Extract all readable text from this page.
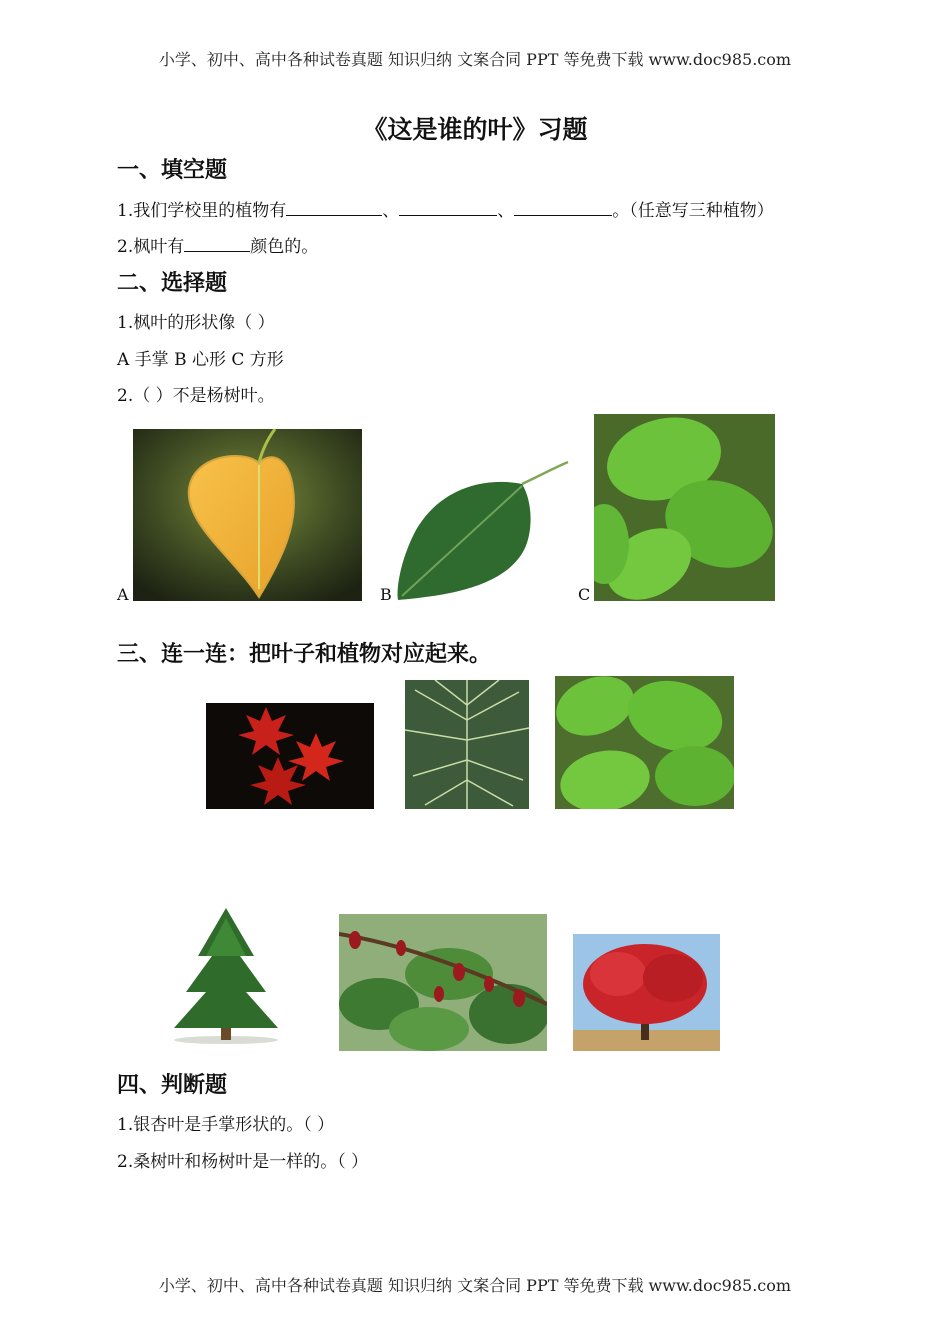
小学、初中、高中各种试卷真题 知识归纳 文案合同 PPT 等免费下载 www.doc985.com
《这是谁的叶》习题
一、填空题
1.我们学校里的植物有	、	、	。（任意写三种植物）
2.枫叶有	颜色的。
二、选择题
1.枫叶的形状像（ ）
A 手掌 B 心形 C 方形
2.（ ）不是杨树叶。
A	B	C
三、连一连：把叶子和植物对应起来。
四、判断题
1.银杏叶是手掌形状的。（ ）
2.桑树叶和杨树叶是一样的。（ ）
小学、初中、高中各种试卷真题 知识归纳 文案合同 PPT 等免费下载 www.doc985.com
